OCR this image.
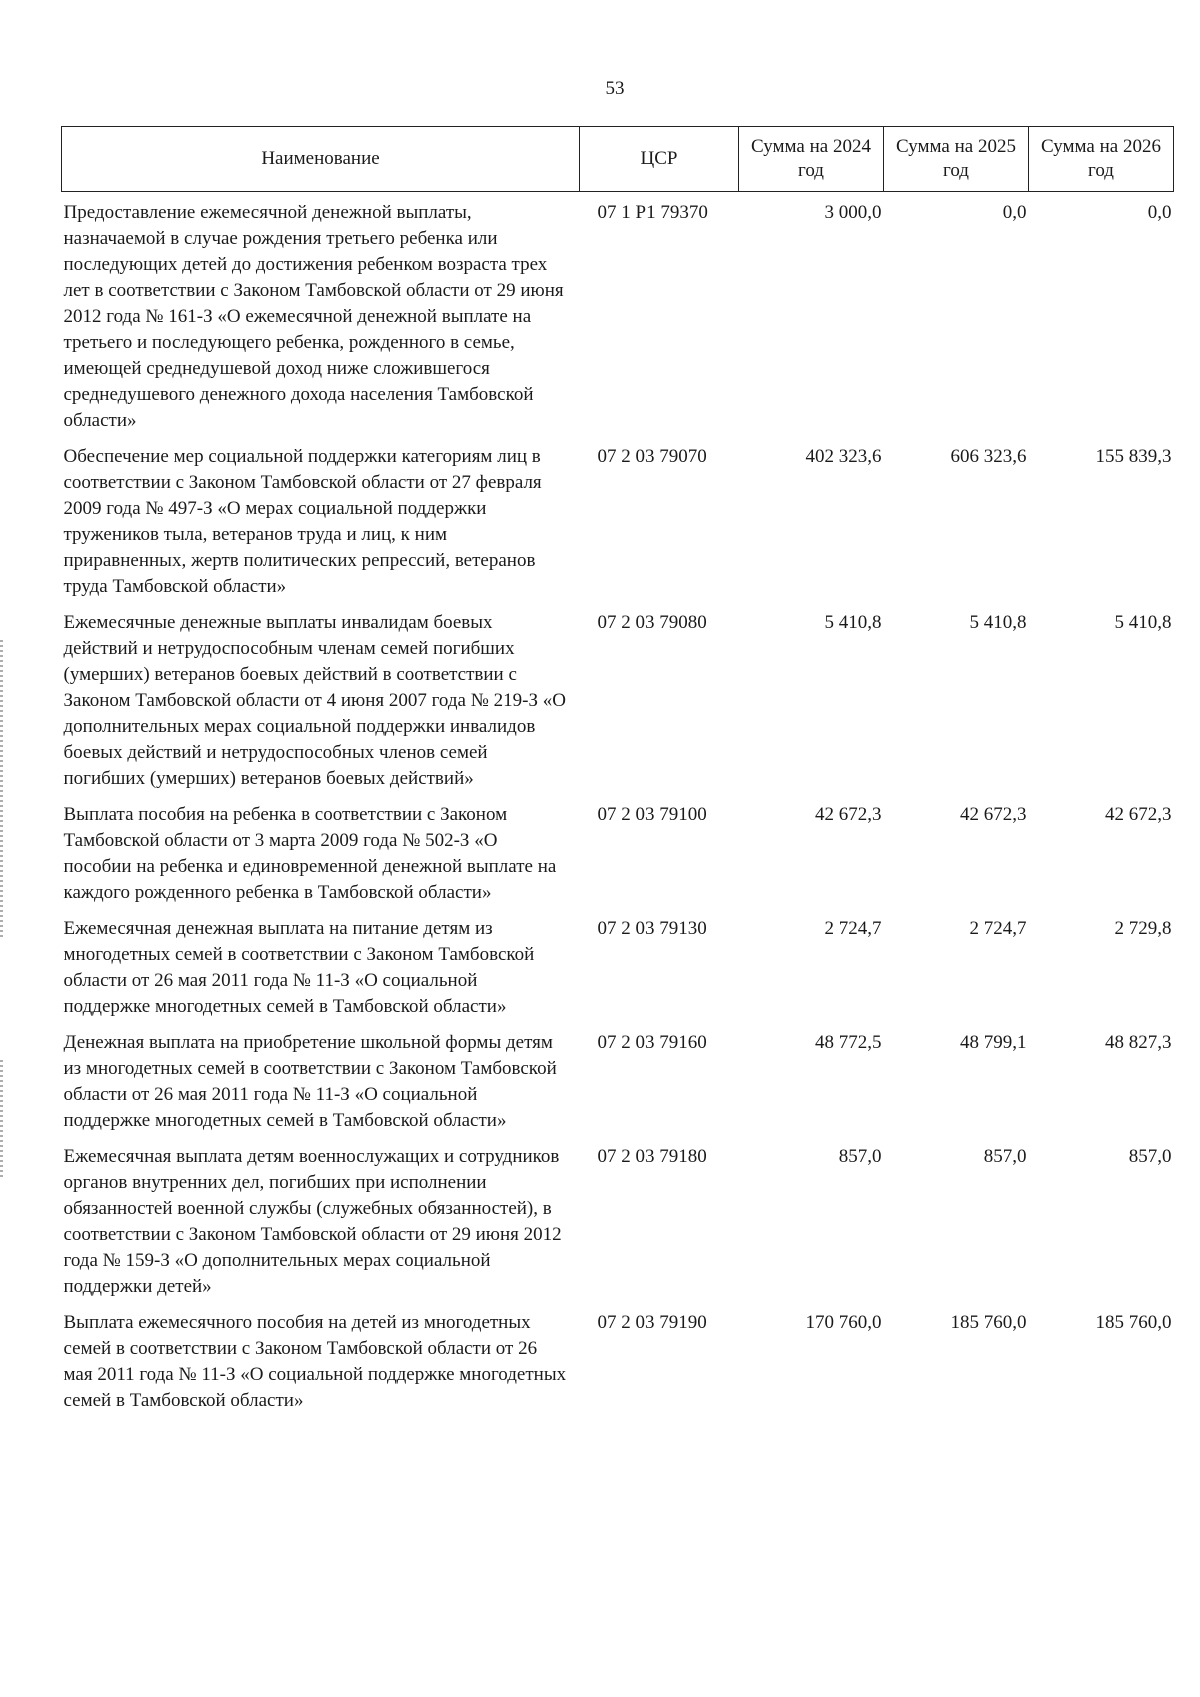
53
Наименование	ЦСР	Сумма на 2024 год	Сумма на 2025 год	Сумма на 2026 год
Предоставление ежемесячной денежной выплаты, назначаемой в случае рождения третьего ребенка или последующих детей до достижения ребенком возраста трех лет в соответствии с Законом Тамбовской области от 29 июня 2012 года № 161-З «О ежемесячной денежной выплате на третьего и последующего ребенка, рожденного в семье, имеющей среднедушевой доход ниже сложившегося среднедушевого денежного дохода населения Тамбовской области»	07 1 P1 79370	3 000,0	0,0	0,0
Обеспечение мер социальной поддержки категориям лиц в соответствии с Законом Тамбовской области от 27 февраля 2009 года № 497-З «О мерах социальной поддержки тружеников тыла, ветеранов труда и лиц, к ним приравненных, жертв политических репрессий, ветеранов труда Тамбовской области»	07 2 03 79070	402 323,6	606 323,6	155 839,3
Ежемесячные денежные выплаты инвалидам боевых действий и нетрудоспособным членам семей погибших (умерших) ветеранов боевых действий в соответствии с Законом Тамбовской области от 4 июня 2007 года № 219-З «О дополнительных мерах социальной поддержки инвалидов боевых действий и нетрудоспособных членов семей погибших (умерших) ветеранов боевых действий»	07 2 03 79080	5 410,8	5 410,8	5 410,8
Выплата пособия на ребенка в соответствии с Законом Тамбовской области от 3 марта 2009 года № 502-З «О пособии на ребенка и единовременной денежной выплате на каждого рожденного ребенка в Тамбовской области»	07 2 03 79100	42 672,3	42 672,3	42 672,3
Ежемесячная денежная выплата на питание детям из многодетных семей в соответствии с Законом Тамбовской области от 26 мая 2011 года № 11-З «О социальной поддержке многодетных семей в Тамбовской области»	07 2 03 79130	2 724,7	2 724,7	2 729,8
Денежная выплата на приобретение школьной формы детям из многодетных семей в соответствии с Законом Тамбовской области от 26 мая 2011 года № 11-З «О социальной поддержке многодетных семей в Тамбовской области»	07 2 03 79160	48 772,5	48 799,1	48 827,3
Ежемесячная выплата детям военнослужащих и сотрудников органов внутренних дел, погибших при исполнении обязанностей военной службы (служебных обязанностей), в соответствии с Законом Тамбовской области от 29 июня 2012 года № 159-З «О дополнительных мерах социальной поддержки детей»	07 2 03 79180	857,0	857,0	857,0
Выплата ежемесячного пособия на детей из многодетных семей в соответствии с Законом Тамбовской области от 26 мая 2011 года № 11-З «О социальной поддержке многодетных семей в Тамбовской области»	07 2 03 79190	170 760,0	185 760,0	185 760,0
